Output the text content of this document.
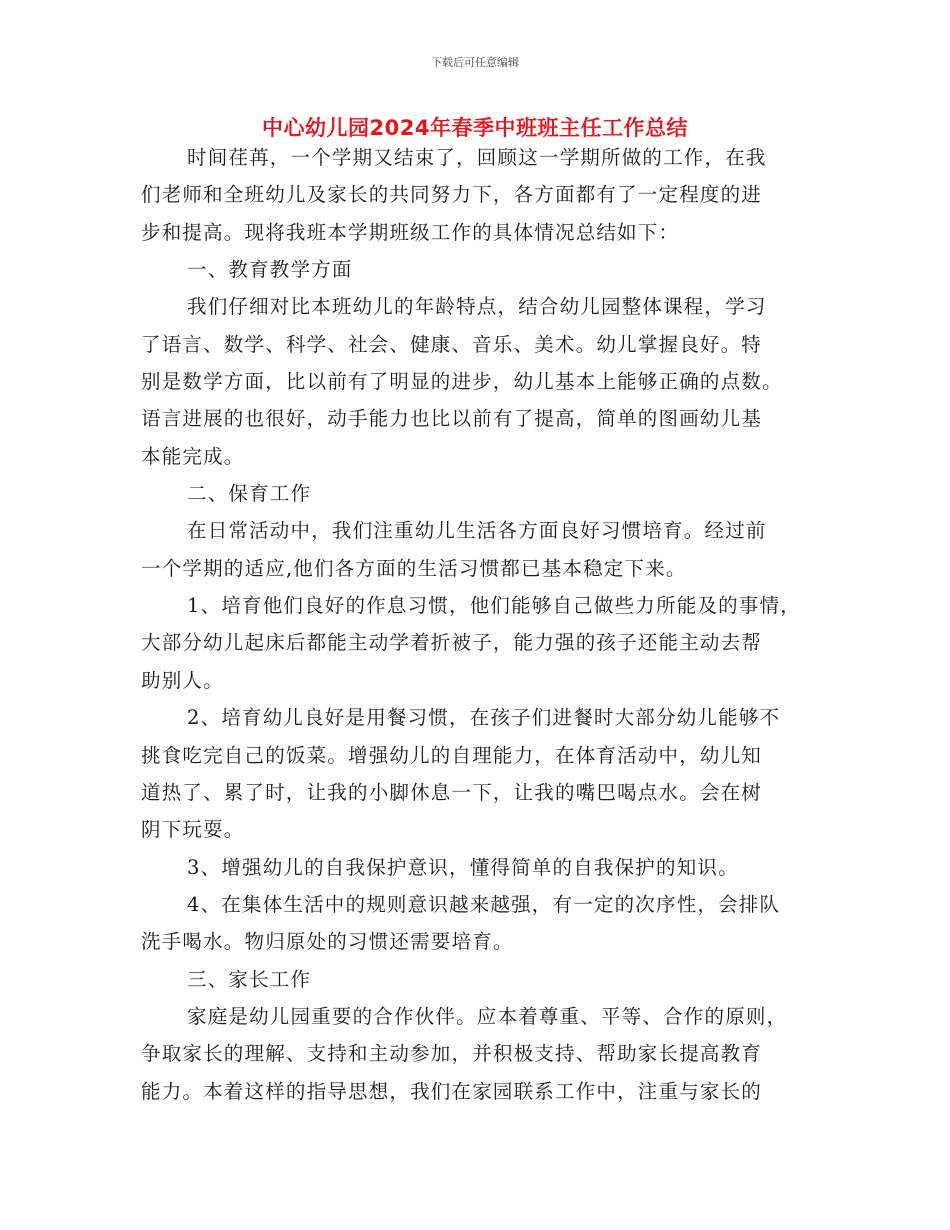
下载后可任意编辑
中心幼儿园2024年春季中班班主任工作总结
时间荏苒，一个学期又结束了，回顾这一学期所做的工作，在我
们老师和全班幼儿及家长的共同努力下，各方面都有了一定程度的进
步和提高。现将我班本学期班级工作的具体情况总结如下：
一、教育教学方面
我们仔细对比本班幼儿的年龄特点，结合幼儿园整体课程，学习
了语言、数学、科学、社会、健康、音乐、美术。幼儿掌握良好。特
别是数学方面，比以前有了明显的进步，幼儿基本上能够正确的点数。
语言进展的也很好，动手能力也比以前有了提高，简单的图画幼儿基
本能完成。
二、保育工作
在日常活动中，我们注重幼儿生活各方面良好习惯培育。经过前
一个学期的适应,他们各方面的生活习惯都已基本稳定下来。
1、培育他们良好的作息习惯，他们能够自己做些力所能及的事情，
大部分幼儿起床后都能主动学着折被子，能力强的孩子还能主动去帮
助别人。
2、培育幼儿良好是用餐习惯，在孩子们进餐时大部分幼儿能够不
挑食吃完自己的饭菜。增强幼儿的自理能力，在体育活动中，幼儿知
道热了、累了时，让我的小脚休息一下，让我的嘴巴喝点水。会在树
阴下玩耍。
3、增强幼儿的自我保护意识，懂得简单的自我保护的知识。
4、在集体生活中的规则意识越来越强，有一定的次序性，会排队
洗手喝水。物归原处的习惯还需要培育。
三、家长工作
家庭是幼儿园重要的合作伙伴。应本着尊重、平等、合作的原则，
争取家长的理解、支持和主动参加，并积极支持、帮助家长提高教育
能力。本着这样的指导思想，我们在家园联系工作中，注重与家长的
